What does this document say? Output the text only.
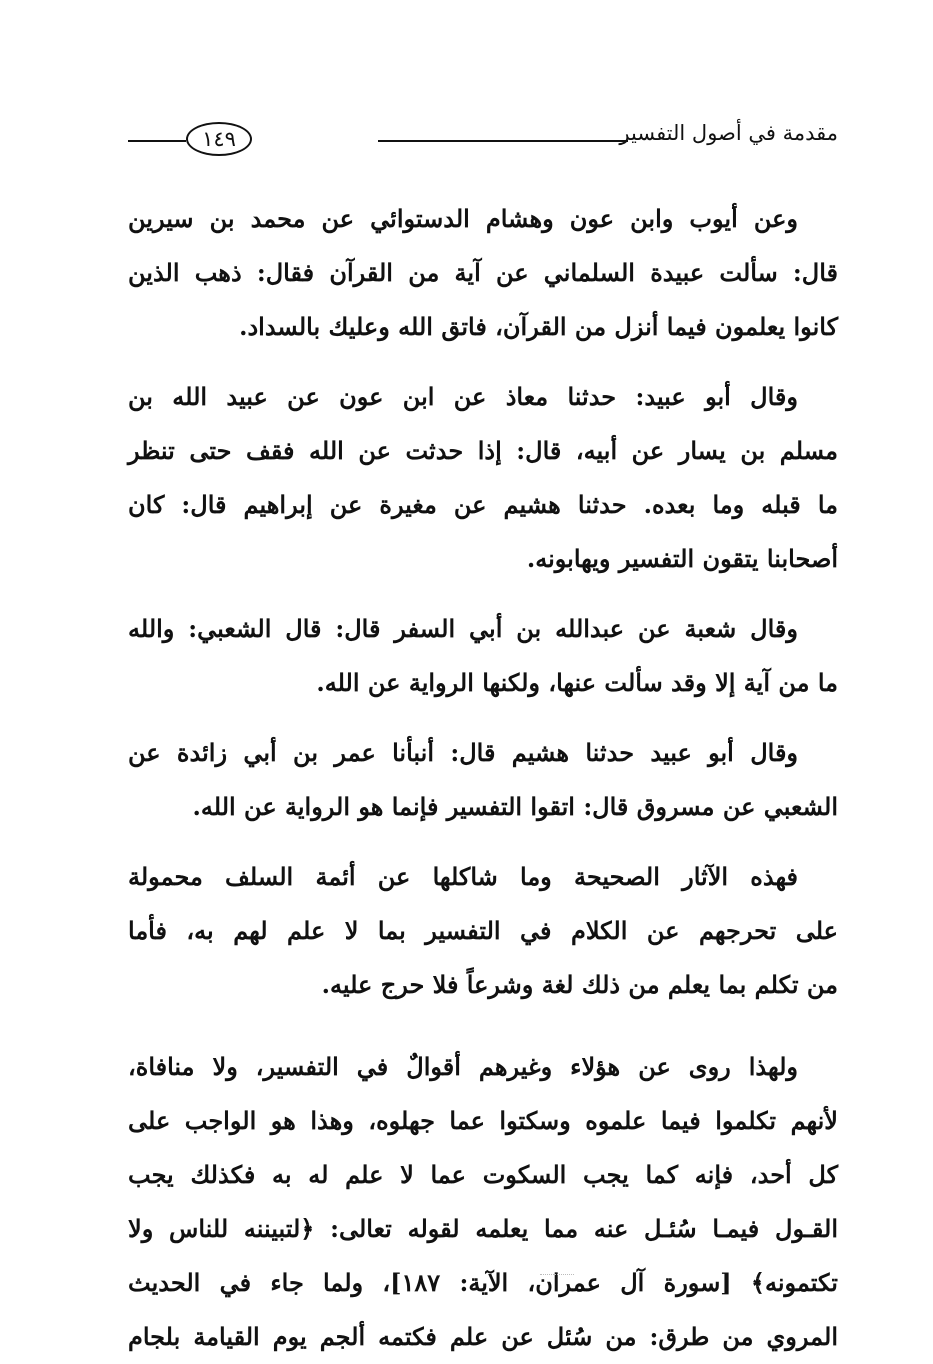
مقدمة في أصول التفسير
١٤٩

وعن أيوب وابن عون وهشام الدستوائي عن محمد بن سيرين
قال: سألت عبيدة السلماني عن آية من القرآن فقال: ذهب الذين
كانوا يعلمون فيما أنزل من القرآن، فاتق الله وعليك بالسداد.

وقال أبو عبيد: حدثنا معاذ عن ابن عون عن عبيد الله بن
مسلم بن يسار عن أبيه، قال: إذا حدثت عن الله فقف حتى تنظر
ما قبله وما بعده. حدثنا هشيم عن مغيرة عن إبراهيم قال: كان
أصحابنا يتقون التفسير ويهابونه.

وقال شعبة عن عبدالله بن أبي السفر قال: قال الشعبي: والله
ما من آية إلا وقد سألت عنها، ولكنها الرواية عن الله.

وقال أبو عبيد حدثنا هشيم قال: أنبأنا عمر بن أبي زائدة عن
الشعبي عن مسروق قال: اتقوا التفسير فإنما هو الرواية عن الله.

فهذه الآثار الصحيحة وما شاكلها عن أئمة السلف محمولة
على تحرجهم عن الكلام في التفسير بما لا علم لهم به، فأما
من تكلم بما يعلم من ذلك لغة وشرعاً فلا حرج عليه.

ولهذا روى عن هؤلاء وغيرهم أقوالٌ في التفسير، ولا منافاة،
لأنهم تكلموا فيما علموه وسكتوا عما جهلوه، وهذا هو الواجب على
كل أحد، فإنه كما يجب السكوت عما لا علم له به فكذلك يجب
القـول فيمـا سُئـل عنه مما يعلمه لقوله تعالى: ﴿لتبيننه للناس ولا
تكتمونه﴾ [سورة آل عمران، الآية: ١٨٧]، ولما جاء في الحديث
المروي من طرق: من سُئل عن علم فكتمه ألجم يوم القيامة بلجام
